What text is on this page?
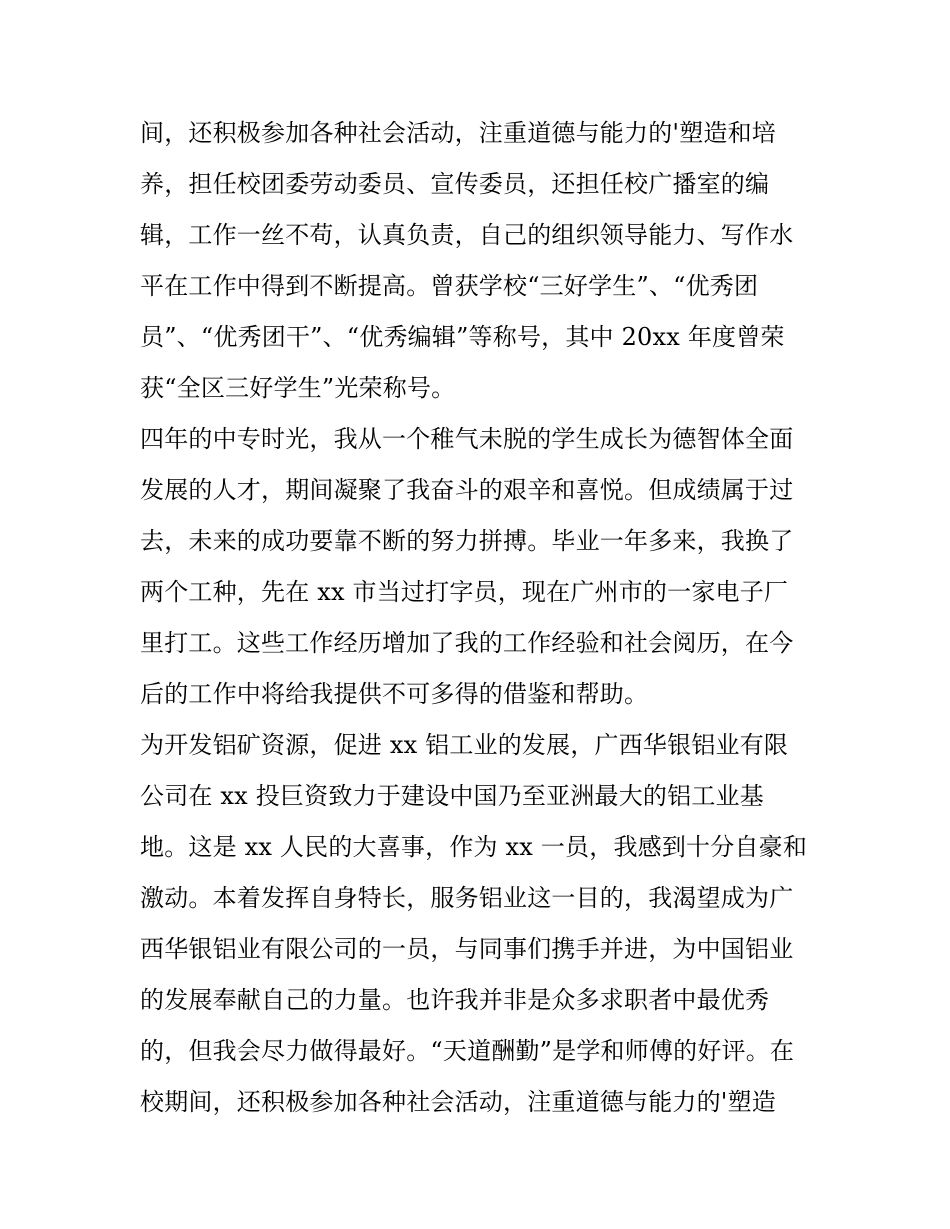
间，还积极参加各种社会活动，注重道德与能力的'塑造和培
养，担任校团委劳动委员、宣传委员，还担任校广播室的编
辑，工作一丝不苟，认真负责，自己的组织领导能力、写作水
平在工作中得到不断提高。曾获学校“三好学生”、“优秀团
员”、“优秀团干”、“优秀编辑”等称号，其中 20xx 年度曾荣
获“全区三好学生”光荣称号。
四年的中专时光，我从一个稚气未脱的学生成长为德智体全面
发展的人才，期间凝聚了我奋斗的艰辛和喜悦。但成绩属于过
去，未来的成功要靠不断的努力拼搏。毕业一年多来，我换了
两个工种，先在 xx 市当过打字员，现在广州市的一家电子厂
里打工。这些工作经历增加了我的工作经验和社会阅历，在今
后的工作中将给我提供不可多得的借鉴和帮助。
为开发铝矿资源，促进 xx 铝工业的发展，广西华银铝业有限
公司在 xx 投巨资致力于建设中国乃至亚洲最大的铝工业基
地。这是 xx 人民的大喜事，作为 xx 一员，我感到十分自豪和
激动。本着发挥自身特长，服务铝业这一目的，我渴望成为广
西华银铝业有限公司的一员，与同事们携手并进，为中国铝业
的发展奉献自己的力量。也许我并非是众多求职者中最优秀
的，但我会尽力做得最好。“天道酬勤”是学和师傅的好评。在
校期间，还积极参加各种社会活动，注重道德与能力的'塑造
